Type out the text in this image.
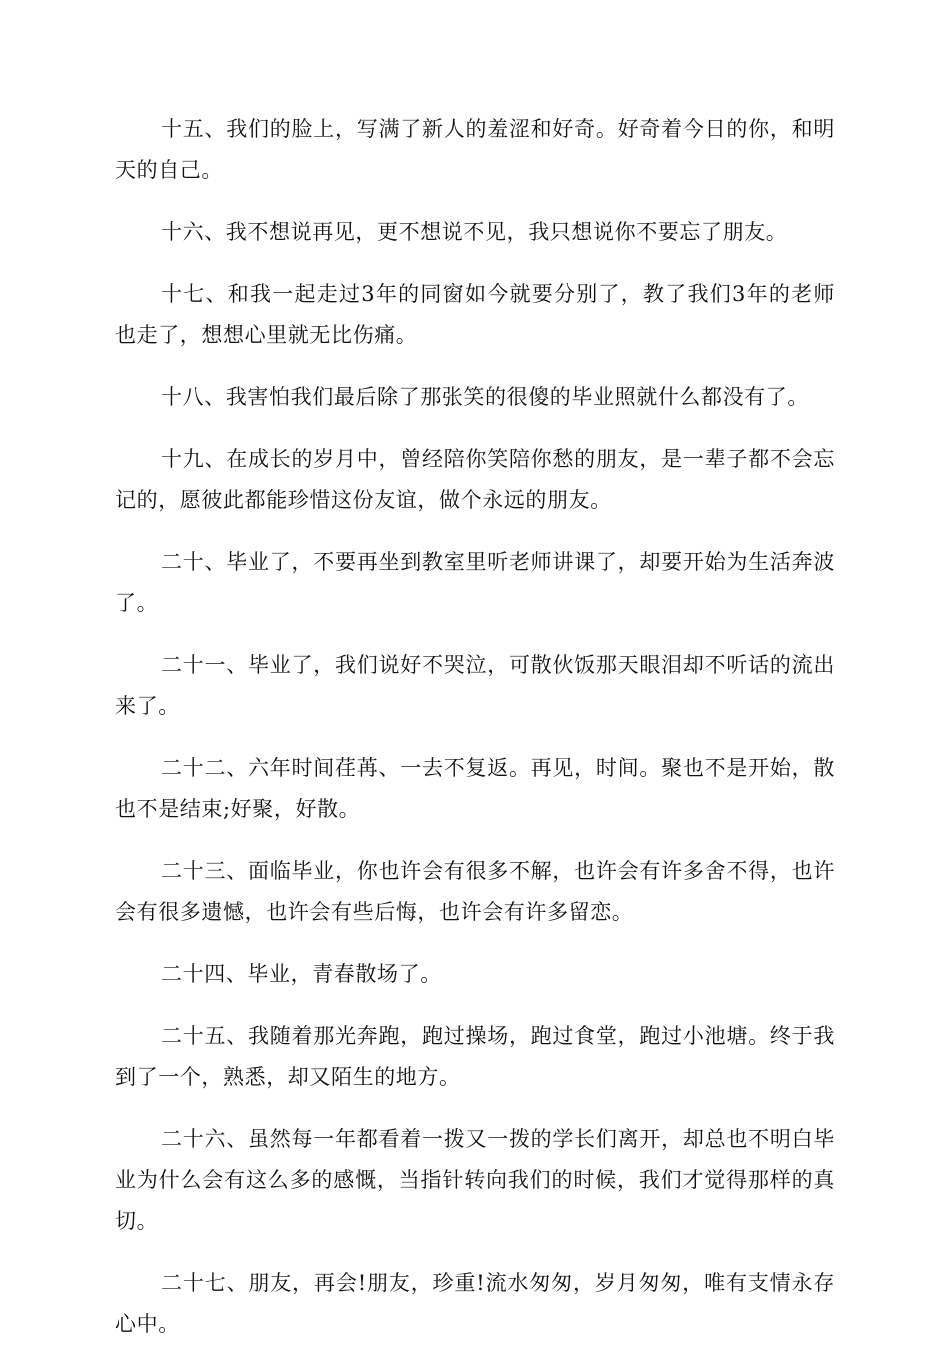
十五、我们的脸上，写满了新人的羞涩和好奇。好奇着今日的你，和明天的自己。

十六、我不想说再见，更不想说不见，我只想说你不要忘了朋友。

十七、和我一起走过3年的同窗如今就要分别了，教了我们3年的老师也走了，想想心里就无比伤痛。

十八、我害怕我们最后除了那张笑的很傻的毕业照就什么都没有了。

十九、在成长的岁月中，曾经陪你笑陪你愁的朋友，是一辈子都不会忘记的，愿彼此都能珍惜这份友谊，做个永远的朋友。

二十、毕业了，不要再坐到教室里听老师讲课了，却要开始为生活奔波了。

二十一、毕业了，我们说好不哭泣，可散伙饭那天眼泪却不听话的流出来了。

二十二、六年时间荏苒、一去不复返。再见，时间。聚也不是开始，散也不是结束;好聚，好散。

二十三、面临毕业，你也许会有很多不解，也许会有许多舍不得，也许会有很多遗憾，也许会有些后悔，也许会有许多留恋。

二十四、毕业，青春散场了。

二十五、我随着那光奔跑，跑过操场，跑过食堂，跑过小池塘。终于我到了一个，熟悉，却又陌生的地方。

二十六、虽然每一年都看着一拨又一拨的学长们离开，却总也不明白毕业为什么会有这么多的感慨，当指针转向我们的时候，我们才觉得那样的真切。

二十七、朋友，再会!朋友，珍重!流水匆匆，岁月匆匆，唯有支情永存心中。
